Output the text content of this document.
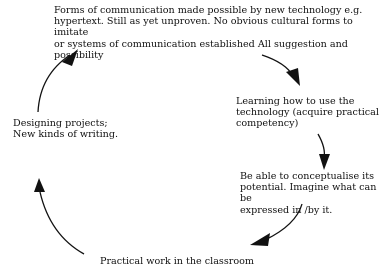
Forms of communication made possible by new technology e.g.
hypertext. Still as yet unproven. No obvious cultural forms to imitate
or systems of communication established All suggestion and
possibility

Learning how to use the
technology (acquire practical
competency)

Be able to conceptualise its
potential. Imagine what can be
expressed in /by it.

Practical work in the classroom

Designing projects;
New kinds of writing.
